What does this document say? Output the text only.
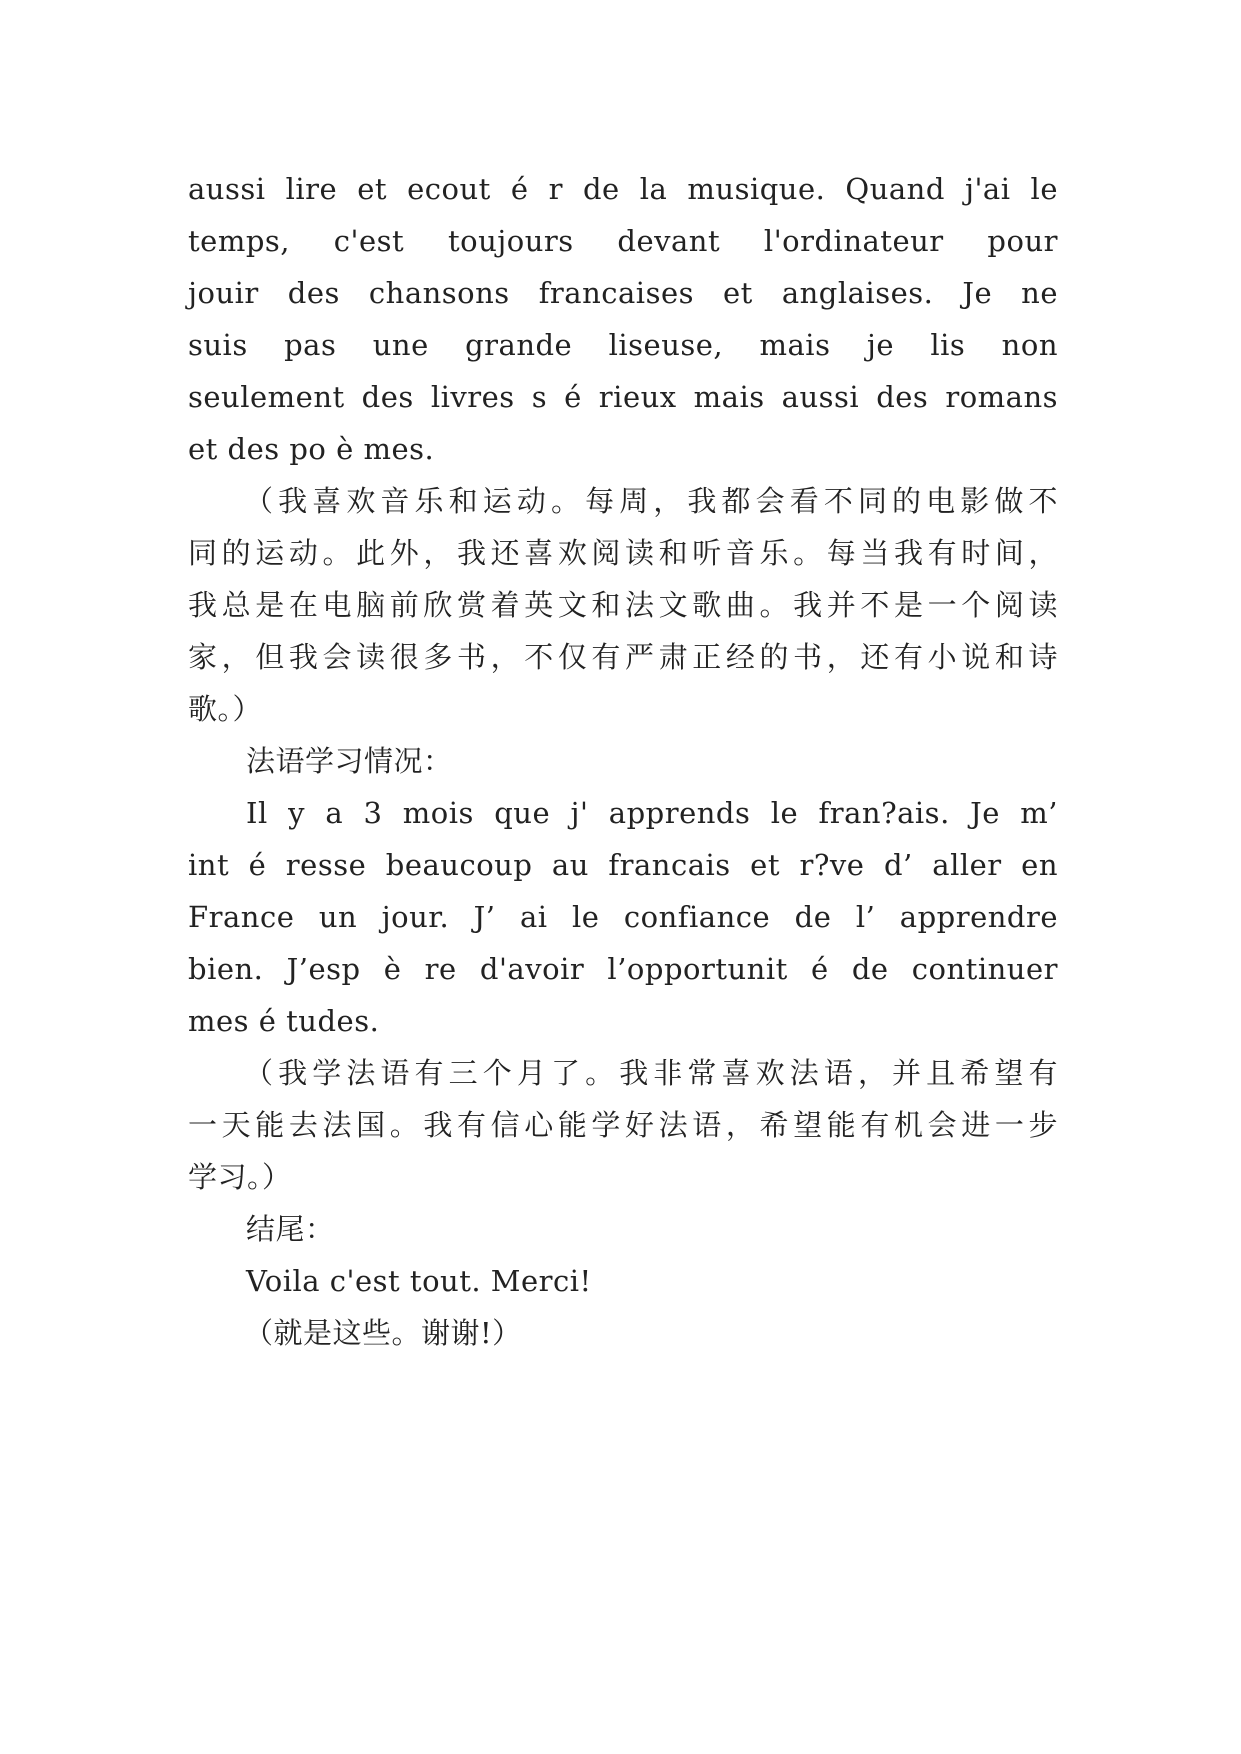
aussi lire et ecout é r de la musique. Quand j'ai le
temps, c'est toujours devant l'ordinateur pour
jouir des chansons francaises et anglaises. Je ne
suis pas une grande liseuse, mais je lis non
seulement des livres s é rieux mais aussi des romans
et des po è mes.
（我喜欢音乐和运动。每周，我都会看不同的电影做不
同的运动。此外，我还喜欢阅读和听音乐。每当我有时间，
我总是在电脑前欣赏着英文和法文歌曲。我并不是一个阅读
家，但我会读很多书，不仅有严肃正经的书，还有小说和诗
歌。）
法语学习情况：
Il y a 3 mois que j' apprends le fran?ais. Je m’
int é resse beaucoup au francais et r?ve d’ aller en
France un jour. J’ ai le confiance de l’ apprendre
bien. J’esp è re d'avoir l’opportunit é de continuer
mes é tudes.
（我学法语有三个月了。我非常喜欢法语，并且希望有
一天能去法国。我有信心能学好法语，希望能有机会进一步
学习。）
结尾：
Voila c'est tout. Merci!
（就是这些。谢谢!）
